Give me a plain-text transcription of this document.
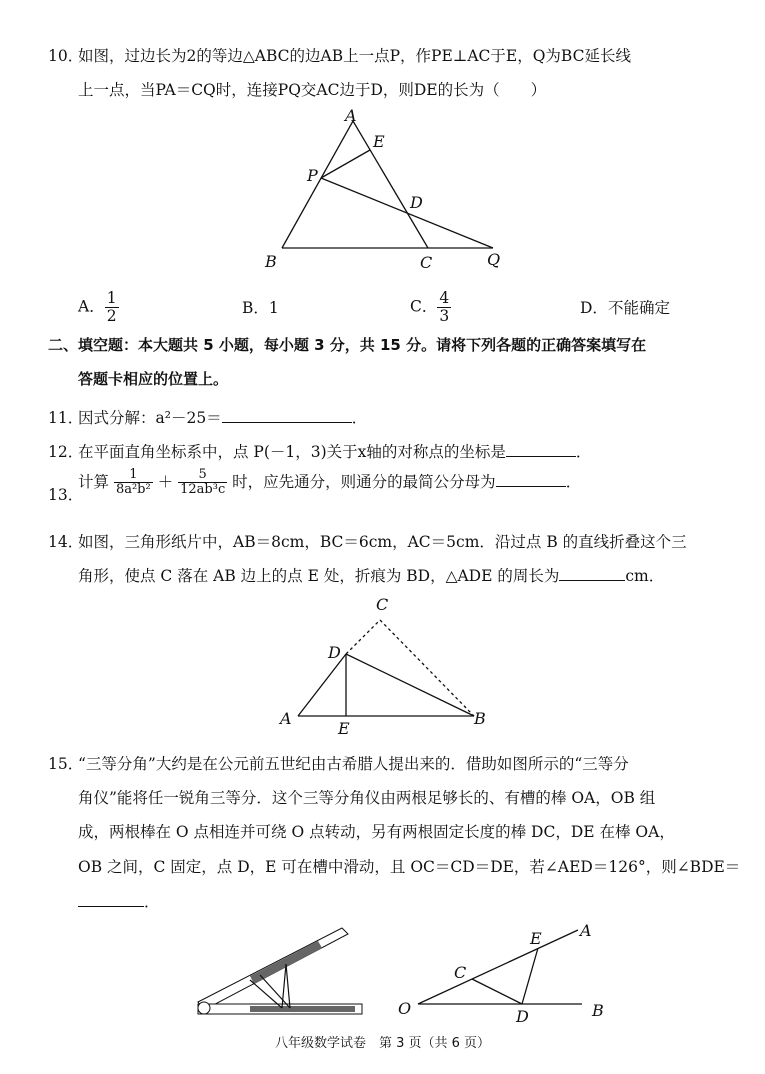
10．
如图，过边长为2的等边△ABC的边AB上一点P，作PE⊥AC于E，Q为BC延长线
上一点，当PA＝CQ时，连接PQ交AC边于D，则DE的长为（　　）
A
E
P
D
B	C	Q
A． $\frac{1}{2}$	B．1	C． $\frac{4}{3}$	D．不能确定
二、填空题：本大题共 5 小题，每小题 3 分，共 15 分。请将下列各题的正确答案填写在
答题卡相应的位置上。
11．
因式分解：a²－25＝	．
12．
在平面直角坐标系中，点 P(－1，3)关于x轴的对称点的坐标是	．
13．
计算 $\frac{1}{\text{8a²b²}} + \frac{5}{\text{12ab³c}}$ 时，应先通分，则通分的最简公分母为	．
14．
如图，三角形纸片中，AB＝8cm，BC＝6cm，AC＝5cm．沿过点 B 的直线折叠这个三
角形，使点 C 落在 AB 边上的点 E 处，折痕为 BD，△ADE 的周长为	cm．
C
D
A
E
B
15．
“三等分角”大约是在公元前五世纪由古希腊人提出来的．借助如图所示的“三等分
角仪”能将任一锐角三等分．这个三等分角仪由两根足够长的、有槽的棒 OA，OB 组
成，两根棒在 O 点相连并可绕 O 点转动，另有两根固定长度的棒 DC，DE 在棒 OA，
OB 之间，C 固定，点 D，E 可在槽中滑动，且 OC＝CD＝DE，若∠AED＝126°，则∠BDE＝
．
E A
C
O	D	B
八年级数学试卷　第 3 页（共 6 页）
